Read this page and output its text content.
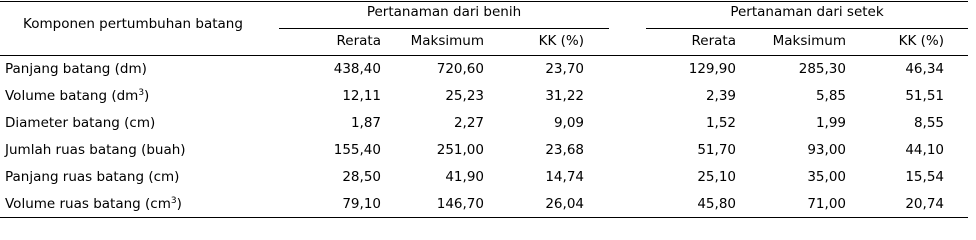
Komponen pertumbuhan batang
Pertanaman dari benih	Pertanaman dari setek
Rerata	Maksimum	KK (%)	Rerata	Maksimum	KK (%)
Panjang batang (dm)	438,40	720,60	23,70	129,90	285,30	46,34
Volume batang $(dm^3)$	12,11	25,23	31,22	2,39	5,85	51,51
Diameter batang (cm)	1,87	2,27	9,09	1,52	1,99	8,55
Jumlah ruas batang (buah)	155,40	251,00	23,68	51,70	93,00	44,10
Panjang ruas batang (cm)	28,50	41,90	14,74	25,10	35,00	15,54
Volume ruas batang $(cm^3)$	79,10	146,70	26,04	45,80	71,00	20,74
